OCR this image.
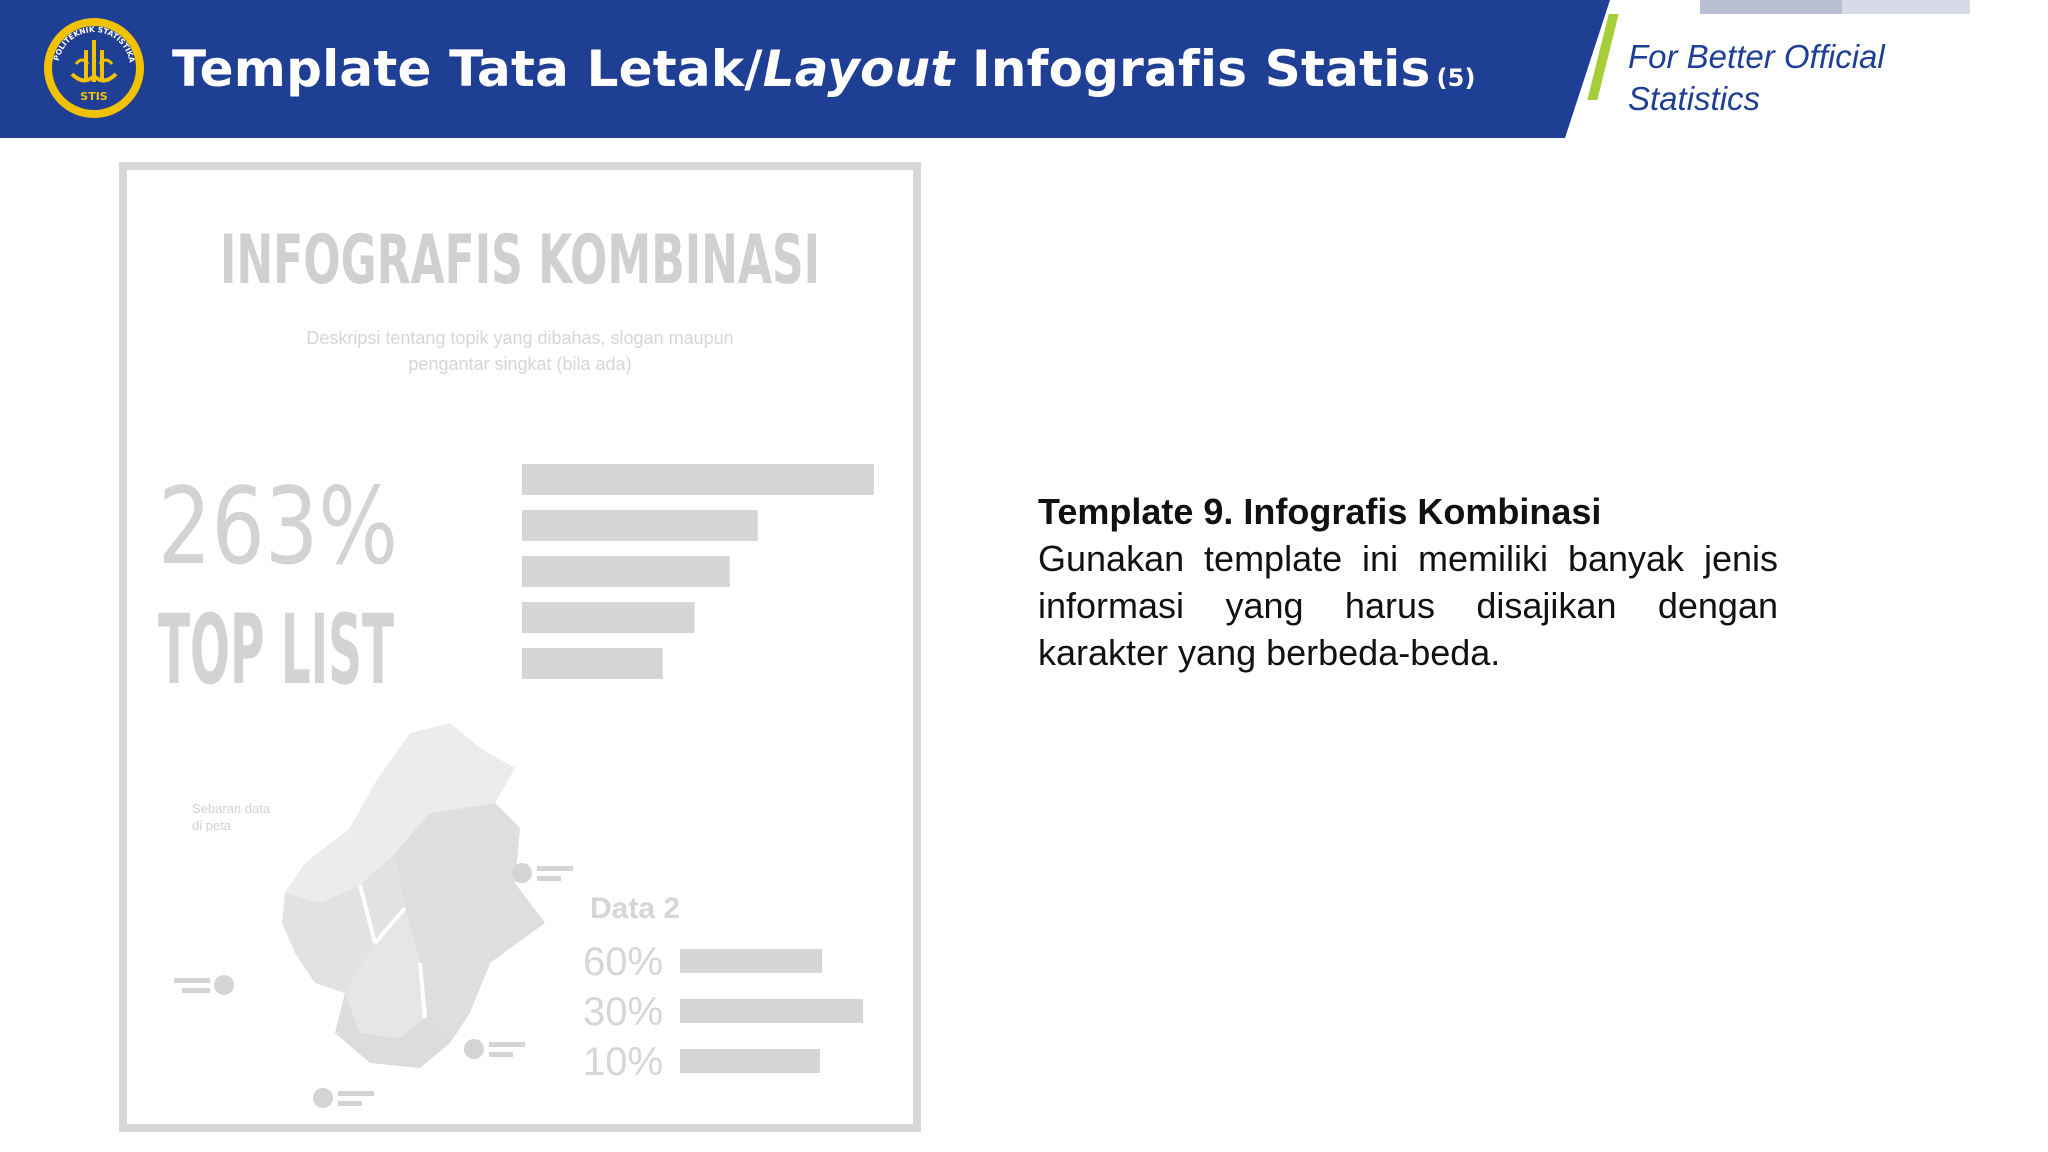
POLITEKNIK STATISTIKA
STIS Template Tata Letak/Layout Infografis Statis (5)
For Better Official
Statistics
INFOGRAFIS KOMBINASI
Deskripsi tentang topik yang dibahas, slogan maupun
pengantar singkat (bila ada)
263%
TOP LIST
Sebaran data
di peta
Data 2
60%
30%
10%
Template 9. Infografis Kombinasi
Gunakan template ini memiliki banyak jenis informasi yang harus disajikan dengan karakter yang berbeda-beda.
